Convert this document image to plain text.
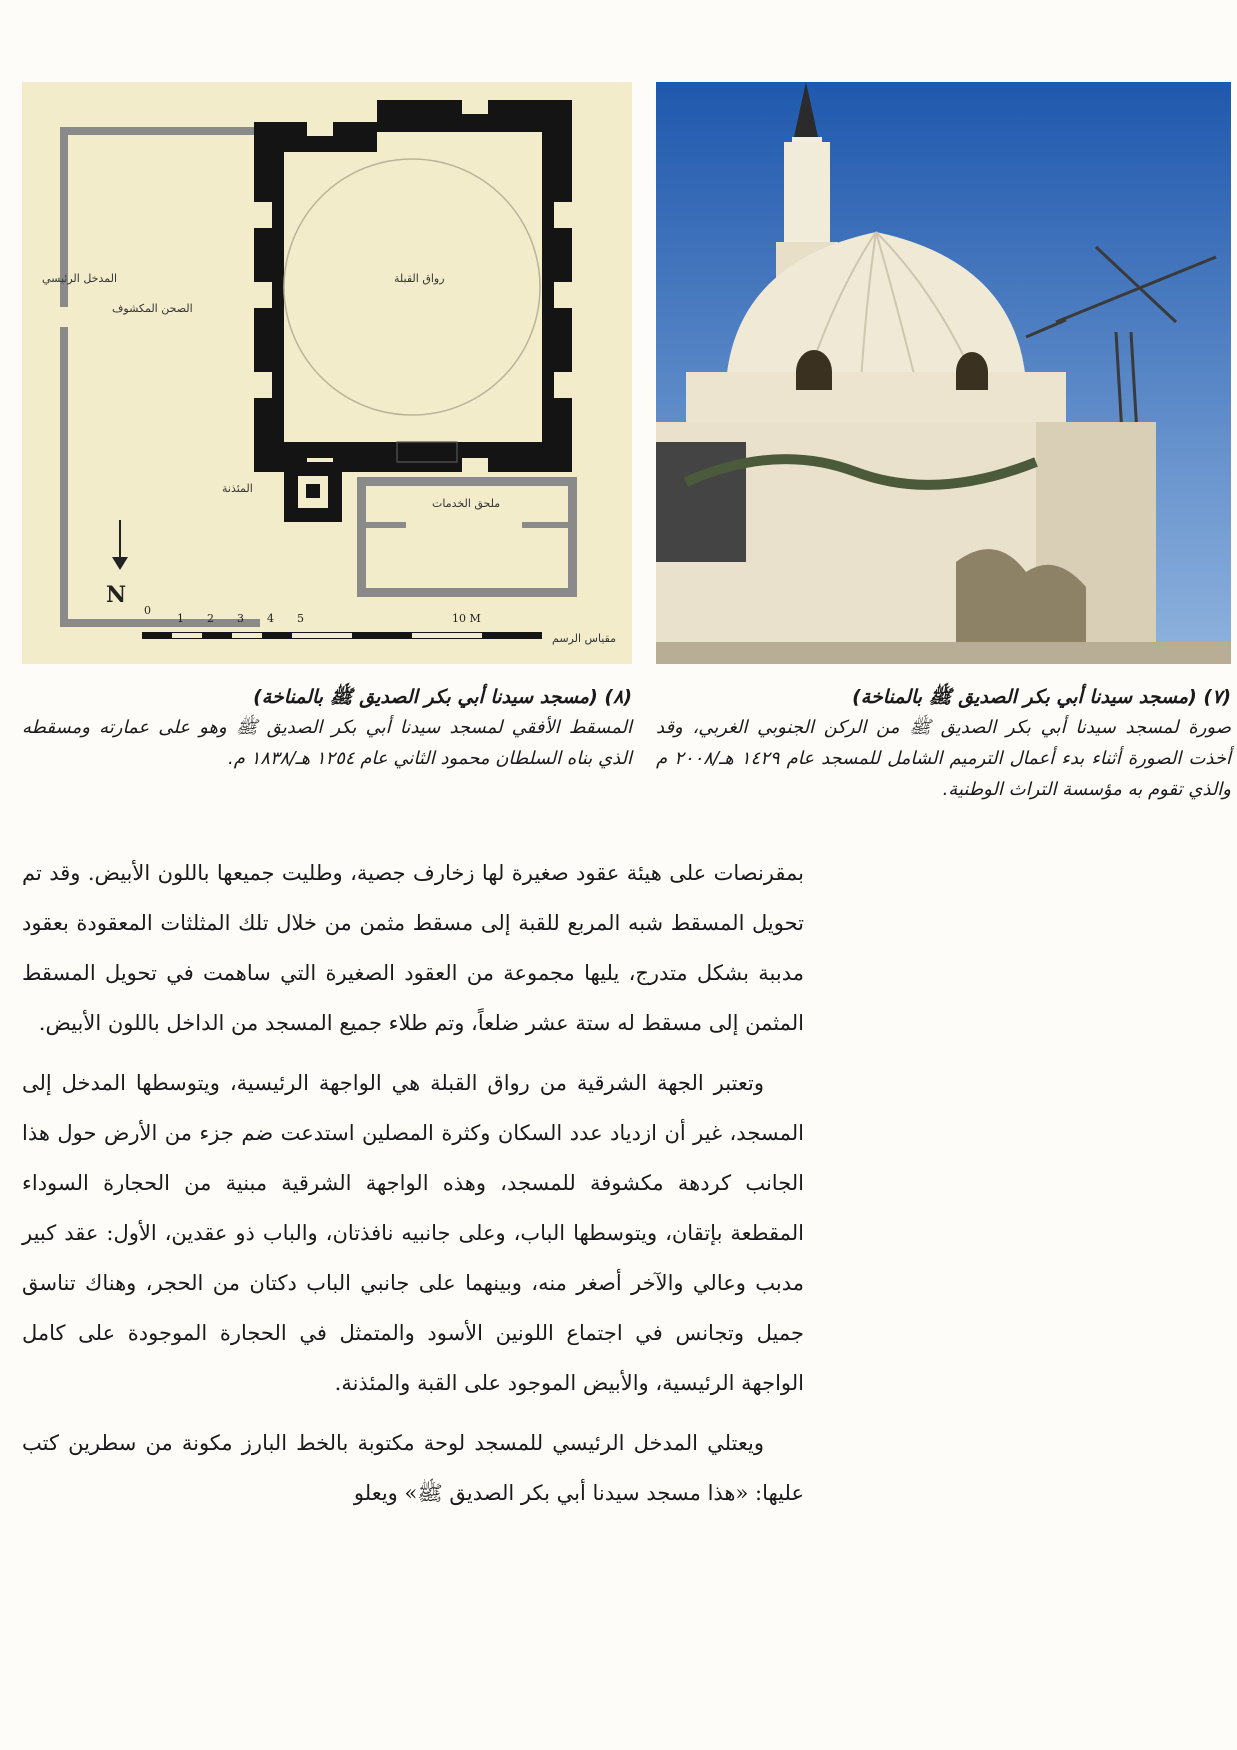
رواق القبلة
المدخل الرئيسي
الصحن المكشوف
المئذنة
ملحق الخدمات
N
0
1 2 3 4 5	10 M
مقياس الرسم
(٨) (مسجد سيدنا أبي بكر الصديق ﷺ بالمناخة)
المسقط الأفقي لمسجد سيدنا أبي بكر الصديق ﷺ وهو على عمارته ومسقطه الذي بناه السلطان محمود الثاني عام ١٢٥٤ هـ/١٨٣٨ م.
(٧) (مسجد سيدنا أبي بكر الصديق ﷺ بالمناخة)
صورة لمسجد سيدنا أبي بكر الصديق ﷺ من الركن الجنوبي الغربي، وقد أخذت الصورة أثناء بدء أعمال الترميم الشامل للمسجد عام ١٤٢٩ هـ/٢٠٠٨ م والذي تقوم به مؤسسة التراث الوطنية.

بمقرنصات على هيئة عقود صغيرة لها زخارف جصية، وطليت جميعها باللون الأبيض. وقد تم تحويل المسقط شبه المربع للقبة إلى مسقط مثمن من خلال تلك المثلثات المعقودة بعقود مدببة بشكل متدرج، يليها مجموعة من العقود الصغيرة التي ساهمت في تحويل المسقط المثمن إلى مسقط له ستة عشر ضلعاً، وتم طلاء جميع المسجد من الداخل باللون الأبيض.

وتعتبر الجهة الشرقية من رواق القبلة هي الواجهة الرئيسية، ويتوسطها المدخل إلى المسجد، غير أن ازدياد عدد السكان وكثرة المصلين استدعت ضم جزء من الأرض حول هذا الجانب كردهة مكشوفة للمسجد، وهذه الواجهة الشرقية مبنية من الحجارة السوداء المقطعة بإتقان، ويتوسطها الباب، وعلى جانبيه نافذتان، والباب ذو عقدين، الأول: عقد كبير مدبب وعالي والآخر أصغر منه، وبينهما على جانبي الباب دكتان من الحجر، وهناك تناسق جميل وتجانس في اجتماع اللونين الأسود والمتمثل في الحجارة الموجودة على كامل الواجهة الرئيسية، والأبيض الموجود على القبة والمئذنة.

ويعتلي المدخل الرئيسي للمسجد لوحة مكتوبة بالخط البارز مكونة من سطرين كتب عليها: «هذا مسجد سيدنا أبي بكر الصديق ﷺ» ويعلو
